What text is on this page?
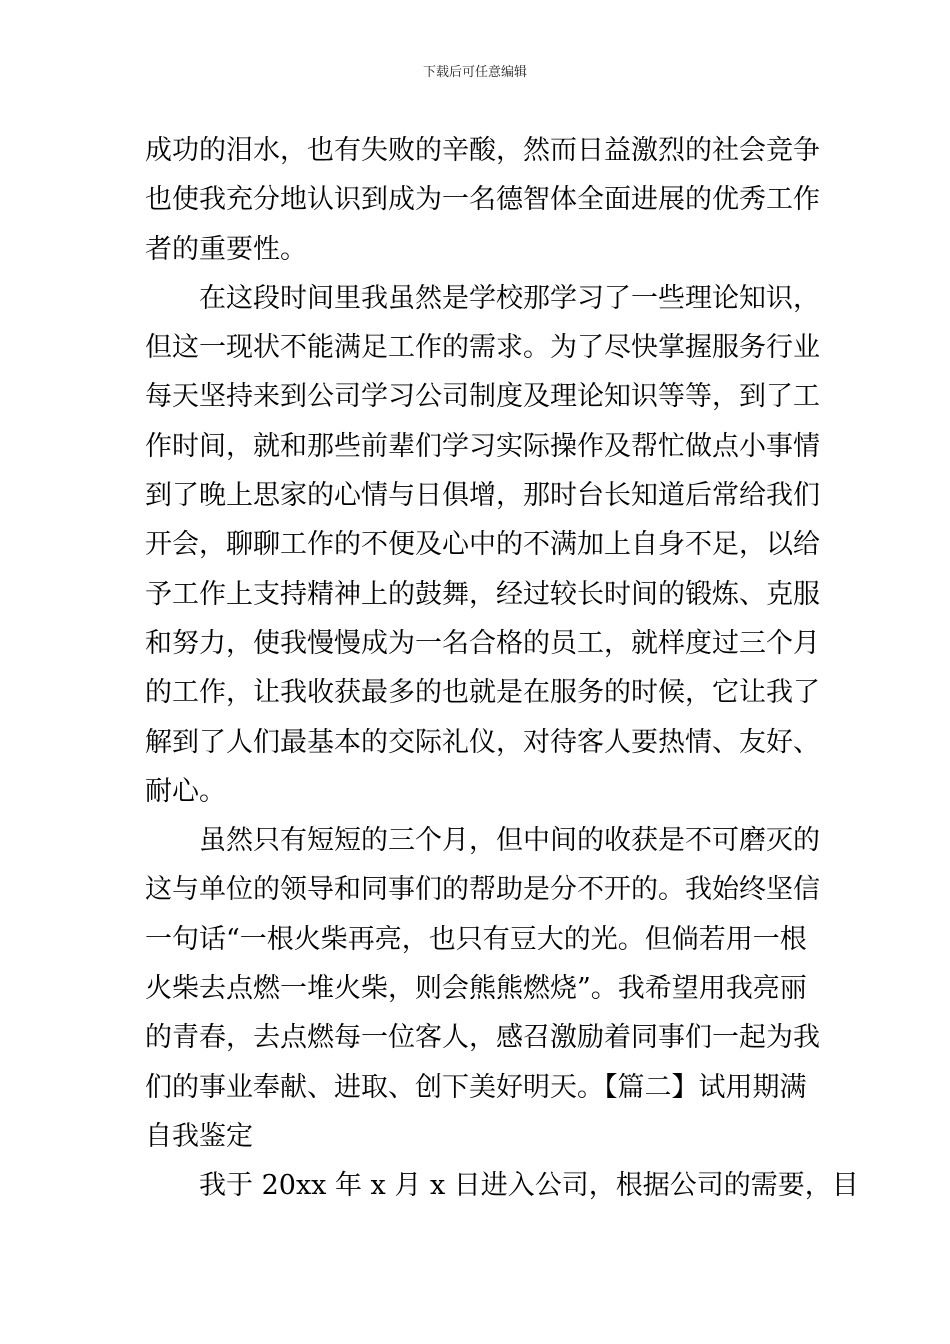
下载后可任意编辑
成功的泪水，也有失败的辛酸，然而日益激烈的社会竞争
也使我充分地认识到成为一名德智体全面进展的优秀工作
者的重要性。
在这段时间里我虽然是学校那学习了一些理论知识，
但这一现状不能满足工作的需求。为了尽快掌握服务行业
每天坚持来到公司学习公司制度及理论知识等等，到了工
作时间，就和那些前辈们学习实际操作及帮忙做点小事情
到了晚上思家的心情与日俱增，那时台长知道后常给我们
开会，聊聊工作的不便及心中的不满加上自身不足，以给
予工作上支持精神上的鼓舞，经过较长时间的锻炼、克服
和努力，使我慢慢成为一名合格的员工，就样度过三个月
的工作，让我收获最多的也就是在服务的时候，它让我了
解到了人们最基本的交际礼仪，对待客人要热情、友好、
耐心。
虽然只有短短的三个月，但中间的收获是不可磨灭的
这与单位的领导和同事们的帮助是分不开的。我始终坚信
一句话“一根火柴再亮，也只有豆大的光。但倘若用一根
火柴去点燃一堆火柴，则会熊熊燃烧”。我希望用我亮丽
的青春，去点燃每一位客人，感召激励着同事们一起为我
们的事业奉献、进取、创下美好明天。【篇二】试用期满
自我鉴定
我于 20xx 年 x 月 x 日进入公司，根据公司的需要，目
